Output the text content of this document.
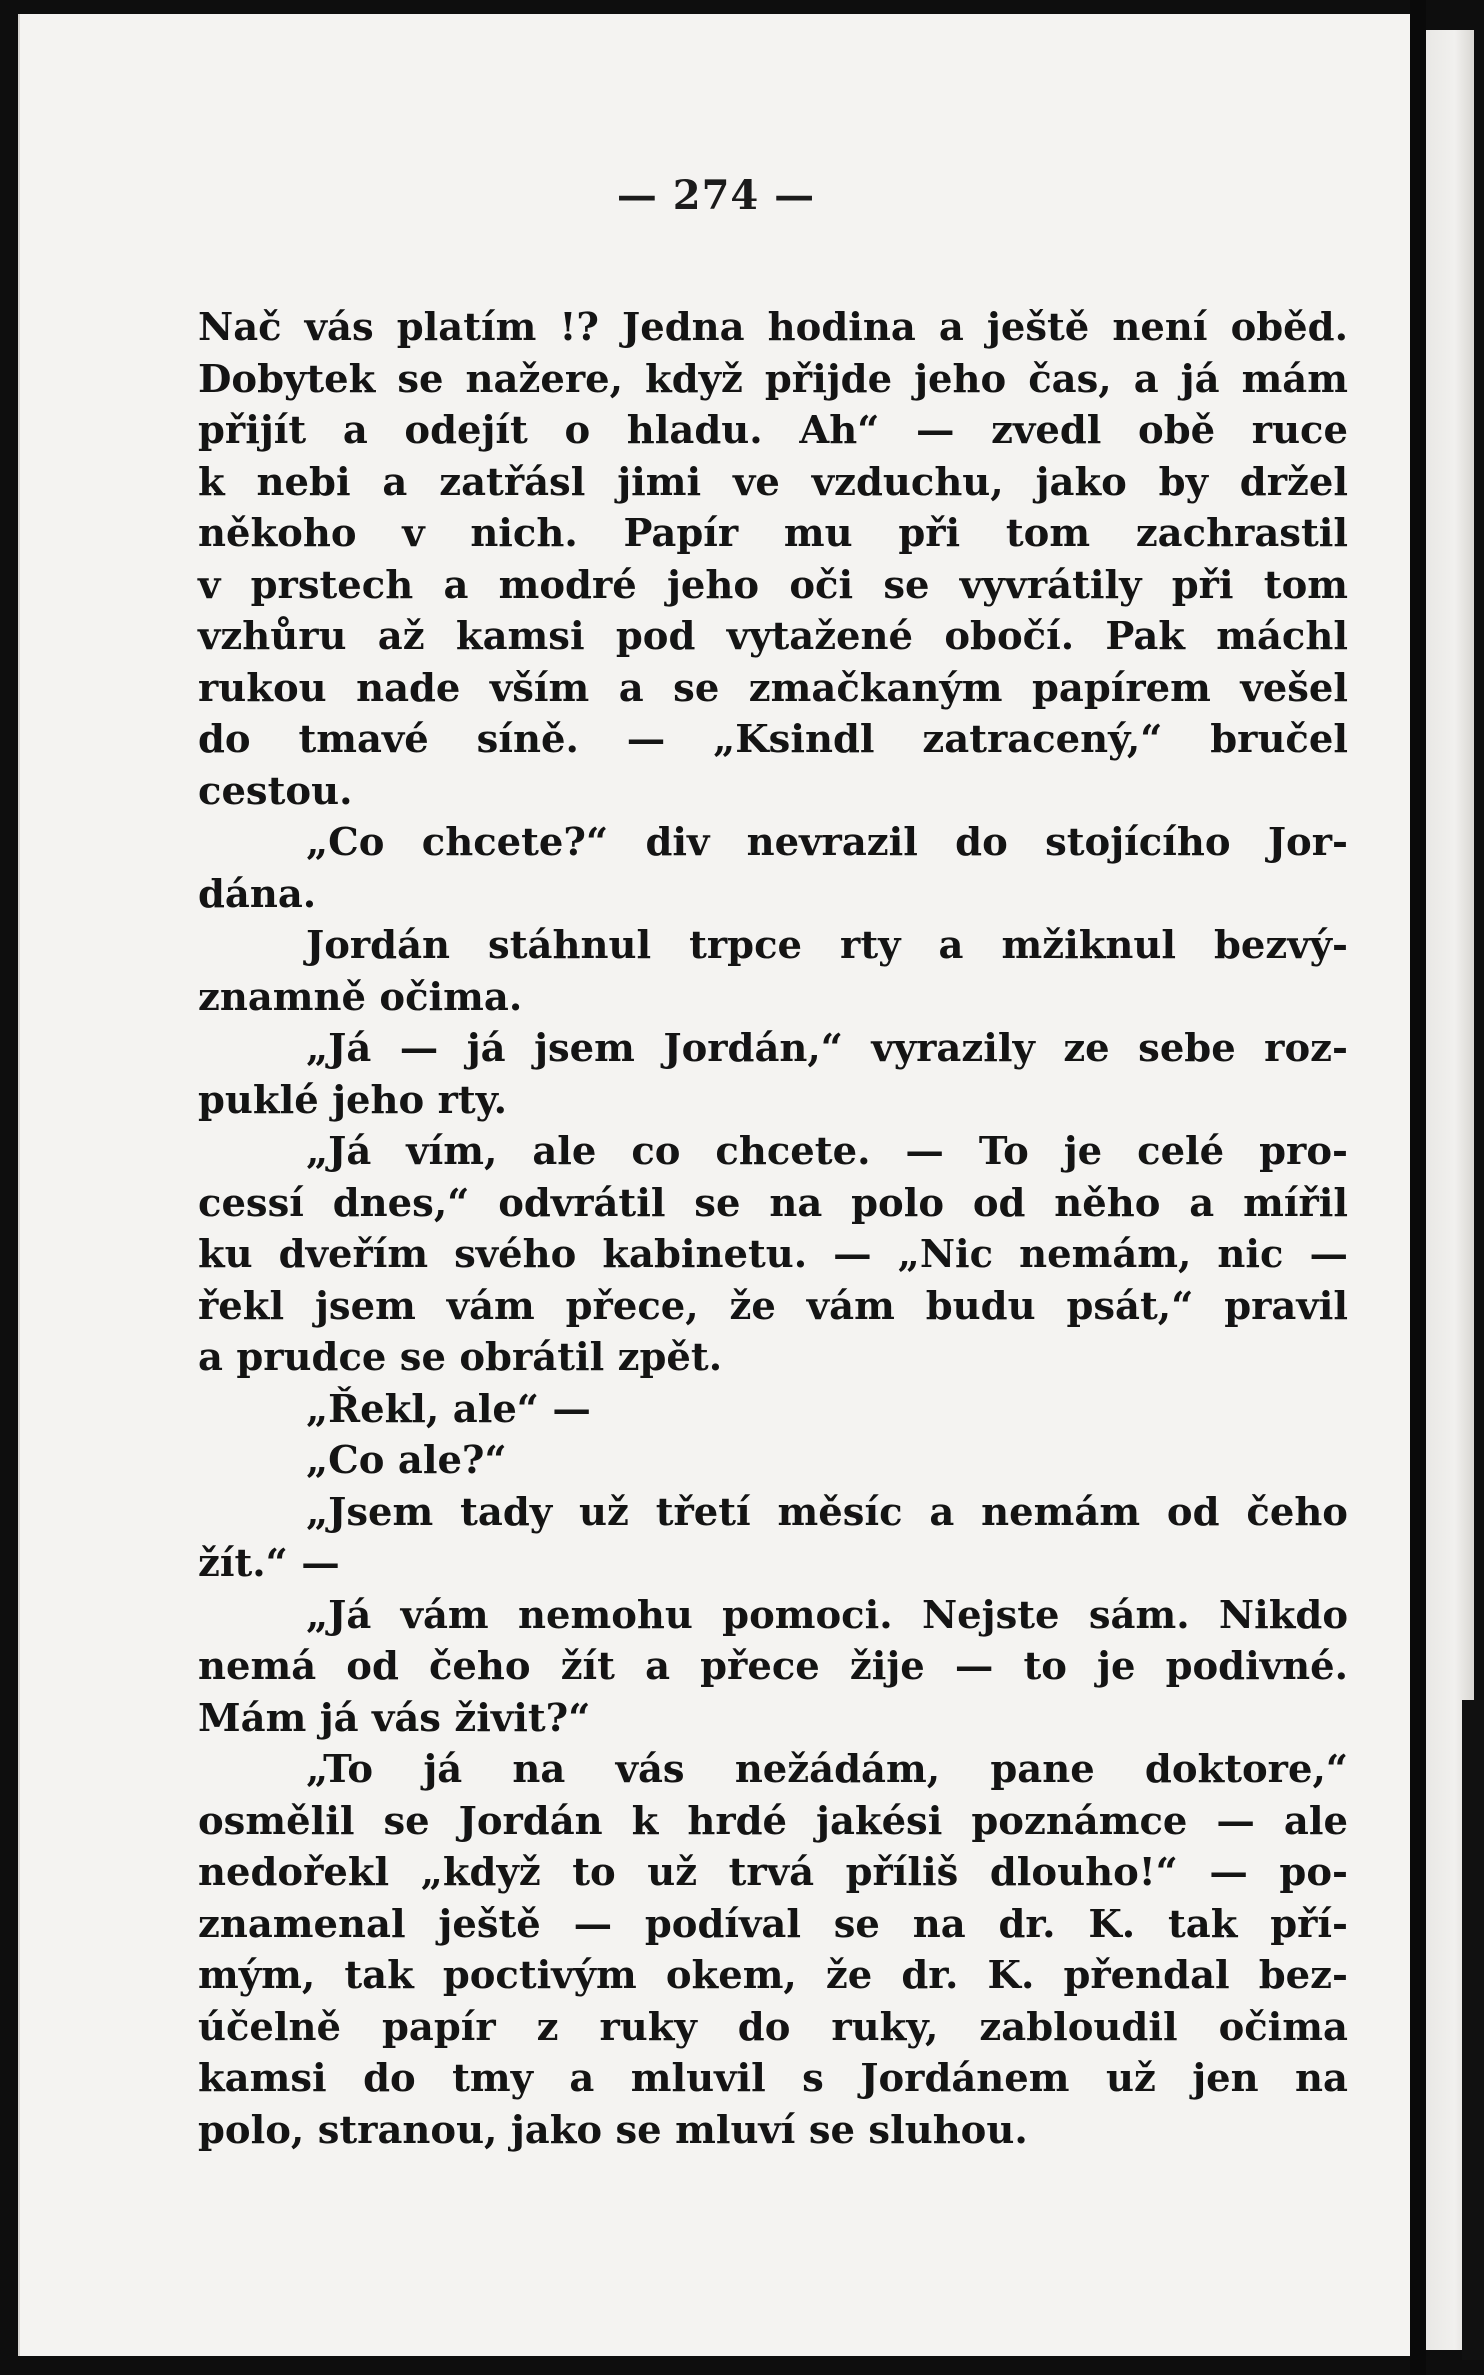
— 274 —
Nač vás platím !? Jedna hodina a ještě není oběd.
Dobytek se nažere, když přijde jeho čas, a já mám
přijít a odejít o hladu. Ah“ — zvedl obě ruce
k nebi a zatřásl jimi ve vzduchu, jako by držel
někoho v nich. Papír mu při tom zachrastil
v prstech a modré jeho oči se vyvrátily při tom
vzhůru až kamsi pod vytažené obočí. Pak máchl
rukou nade vším a se zmačkaným papírem vešel
do tmavé síně. — „Ksindl zatracený,“ bručel
cestou.
„Co chcete?“ div nevrazil do stojícího Jor-
dána.
Jordán stáhnul trpce rty a mžiknul bezvý-
znamně očima.
„Já — já jsem Jordán,“ vyrazily ze sebe roz-
puklé jeho rty.
„Já vím, ale co chcete. — To je celé pro-
cessí dnes,“ odvrátil se na polo od něho a mířil
ku dveřím svého kabinetu. — „Nic nemám, nic —
řekl jsem vám přece, že vám budu psát,“ pravil
a prudce se obrátil zpět.
„Řekl, ale“ —
„Co ale?“
„Jsem tady už třetí měsíc a nemám od čeho
žít.“ —
„Já vám nemohu pomoci. Nejste sám. Nikdo
nemá od čeho žít a přece žije — to je podivné.
Mám já vás živit?“
„To já na vás nežádám, pane doktore,“
osmělil se Jordán k hrdé jakési poznámce — ale
nedořekl „když to už trvá příliš dlouho!“ — po-
znamenal ještě — podíval se na dr. K. tak pří-
mým, tak poctivým okem, že dr. K. přendal bez-
účelně papír z ruky do ruky, zabloudil očima
kamsi do tmy a mluvil s Jordánem už jen na
polo, stranou, jako se mluví se sluhou.
